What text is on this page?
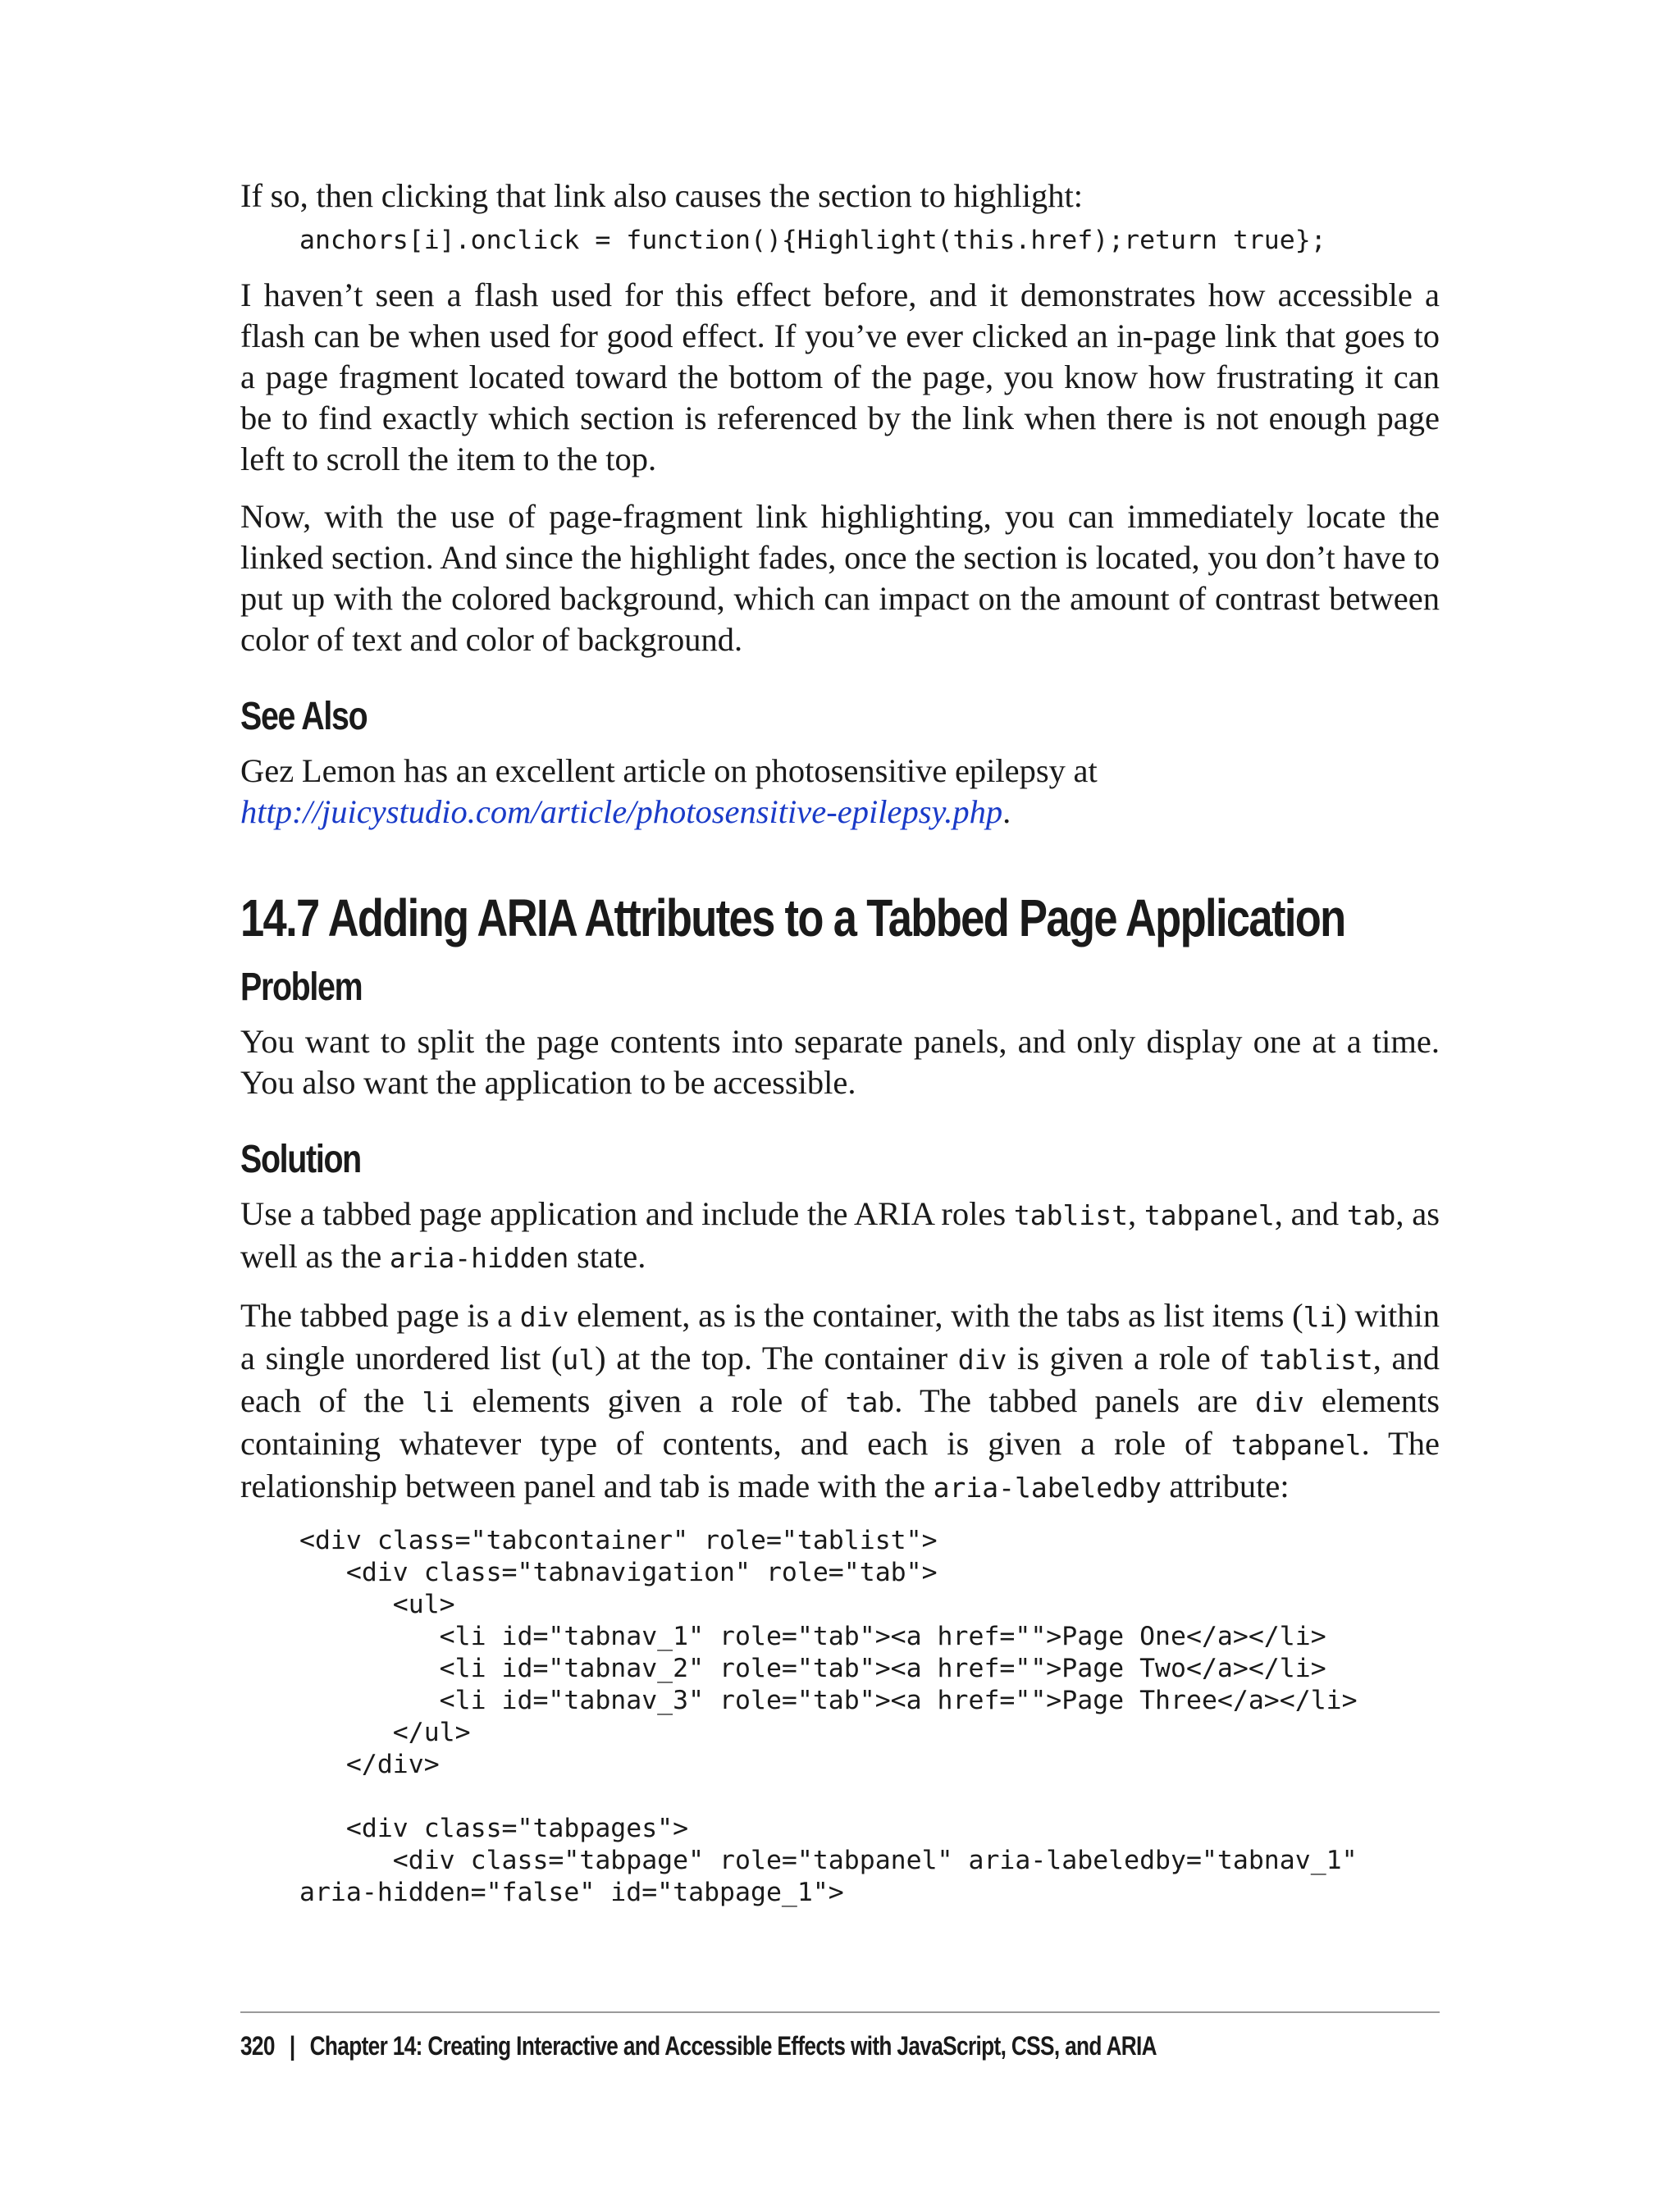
If so, then clicking that link also causes the section to highlight:

anchors[i].onclick = function(){Highlight(this.href);return true};

I haven’t seen a flash used for this effect before, and it demonstrates how accessible a flash can be when used for good effect. If you’ve ever clicked an in-page link that goes to a page fragment located toward the bottom of the page, you know how frustrating it can be to find exactly which section is referenced by the link when there is not enough page left to scroll the item to the top.

Now, with the use of page-fragment link highlighting, you can immediately locate the linked section. And since the highlight fades, once the section is located, you don’t have to put up with the colored background, which can impact on the amount of contrast between color of text and color of background.

See Also

Gez Lemon has an excellent article on photosensitive epilepsy at http://juicystudio.com/article/photosensitive-epilepsy.php.

14.7 Adding ARIA Attributes to a Tabbed Page Application
Problem

You want to split the page contents into separate panels, and only display one at a time. You also want the application to be accessible.

Solution

Use a tabbed page application and include the ARIA roles tablist, tabpanel, and tab, as well as the aria-hidden state.

The tabbed page is a div element, as is the container, with the tabs as list items (li) within a single unordered list (ul) at the top. The container div is given a role of tablist, and each of the li elements given a role of tab. The tabbed panels are div elements containing whatever type of contents, and each is given a role of tabpanel. The relationship between panel and tab is made with the aria-labeledby attribute:

<div class="tabcontainer" role="tablist">
<div class="tabnavigation" role="tab">
<ul>
<li id="tabnav_1" role="tab"><a href="">Page One</a></li>
<li id="tabnav_2" role="tab"><a href="">Page Two</a></li>
<li id="tabnav_3" role="tab"><a href="">Page Three</a></li>
</ul>
</div>

<div class="tabpages">
<div class="tabpage" role="tabpanel" aria-labeledby="tabnav_1"
aria-hidden="false" id="tabpage_1">
320 | Chapter 14: Creating Interactive and Accessible Effects with JavaScript, CSS, and ARIA
